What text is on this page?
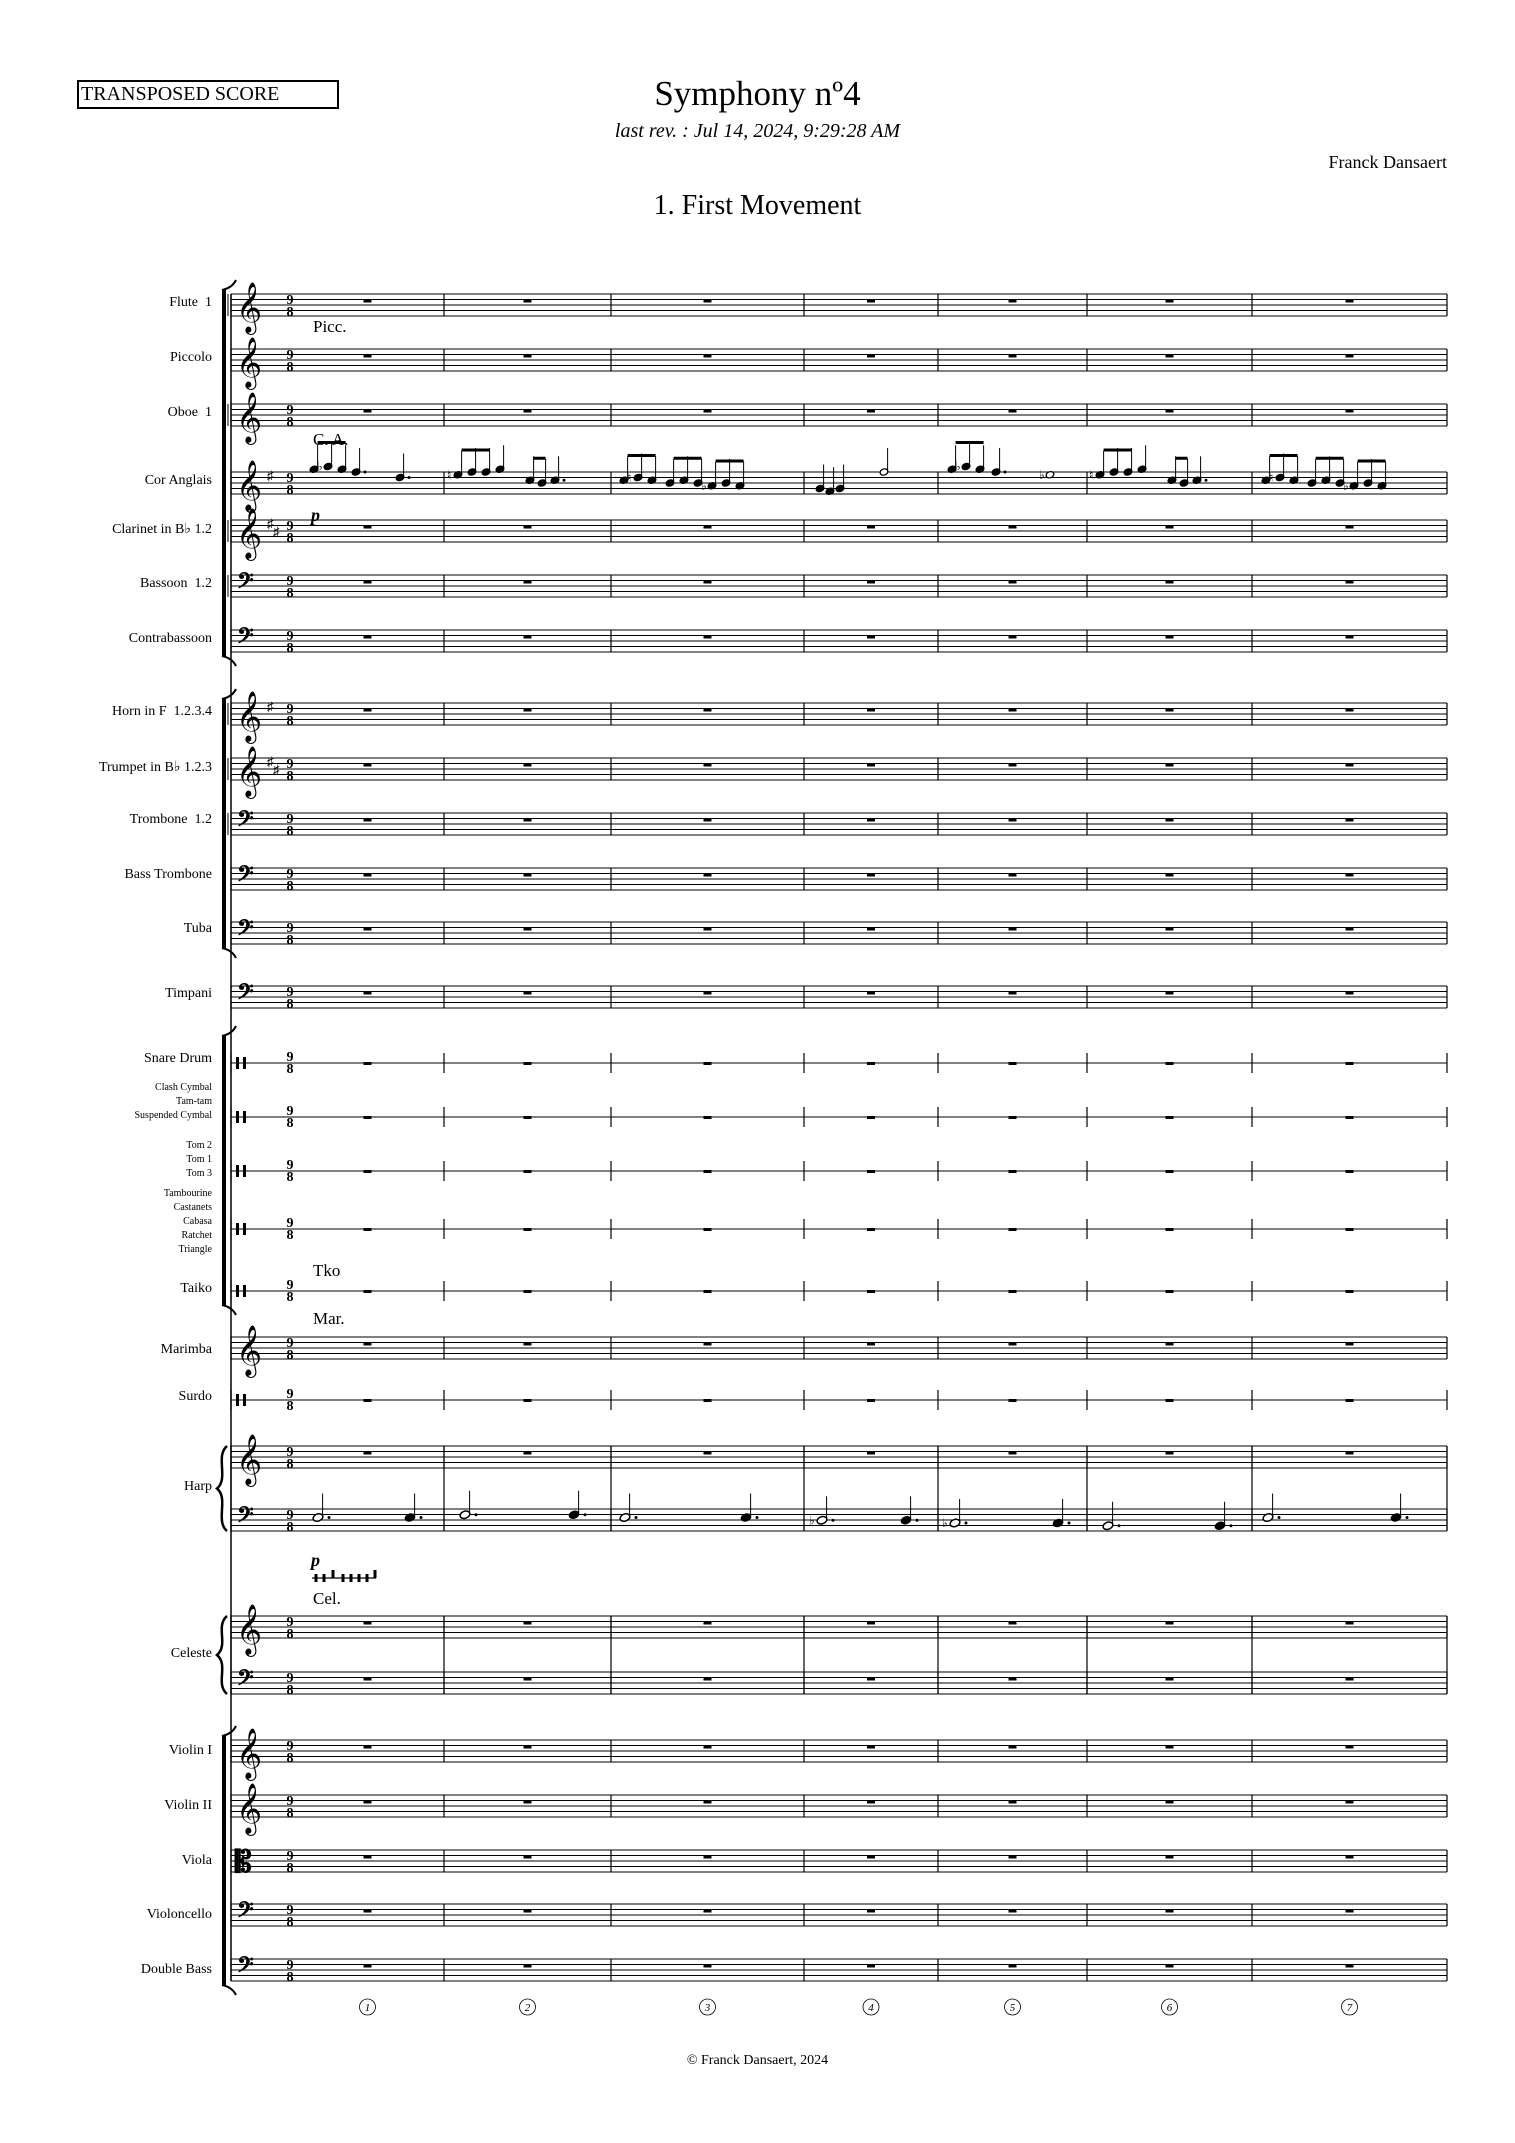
TRANSPOSED SCORE	Symphony nº4
last rev. : Jul 14, 2024, 9:29:28 AM
Franck Dansaert
1. First Movement
© Franck Dansaert, 2024
Flute  1
Piccolo
Oboe  1
Cor Anglais
Clarinet in B♭ 1.2
Bassoon  1.2
Contrabassoon
Horn in F  1.2.3.4
Trumpet in B♭ 1.2.3
Trombone  1.2
Bass Trombone
Tuba
Timpani
Snare Drum
Clash Cymbal
Tam-tam
Suspended Cymbal
Tom 2
Tom 1
Tom 3
Tambourine
Castanets
Cabasa
Ratchet
Triangle
Taiko
Marimba
Surdo
Harp
Celeste
Violin I
Violin II
Viola
Violoncello
Double Bass
𝄞 9
8
𝄞 9
8
𝄞 9
8
𝄞 9
8
♯
𝄞 9
8
♯
♯
𝄢 9
8
𝄢 9
8
𝄞 9
8
♯
𝄞 9
8
♯
♯
𝄢 9
8
𝄢 9
8
𝄢 9
8
𝄢 9
8
9
8
9
8
9
8
9
8
9
8
𝄞 9
8
9
8
𝄞 9
8
𝄢 9
8
𝄞 9
8
𝄢 9
8
𝄞 9
8
𝄞 9
8
𝄡 9
8
𝄢 9
8
𝄢 9
8
Picc.
C. A.
p
Tko
Mar.
Cel.
p
♭
♮	♮
♭
♭
♭	♮	♮
♭
♭	♭
1	2	3	4	5	6	7
